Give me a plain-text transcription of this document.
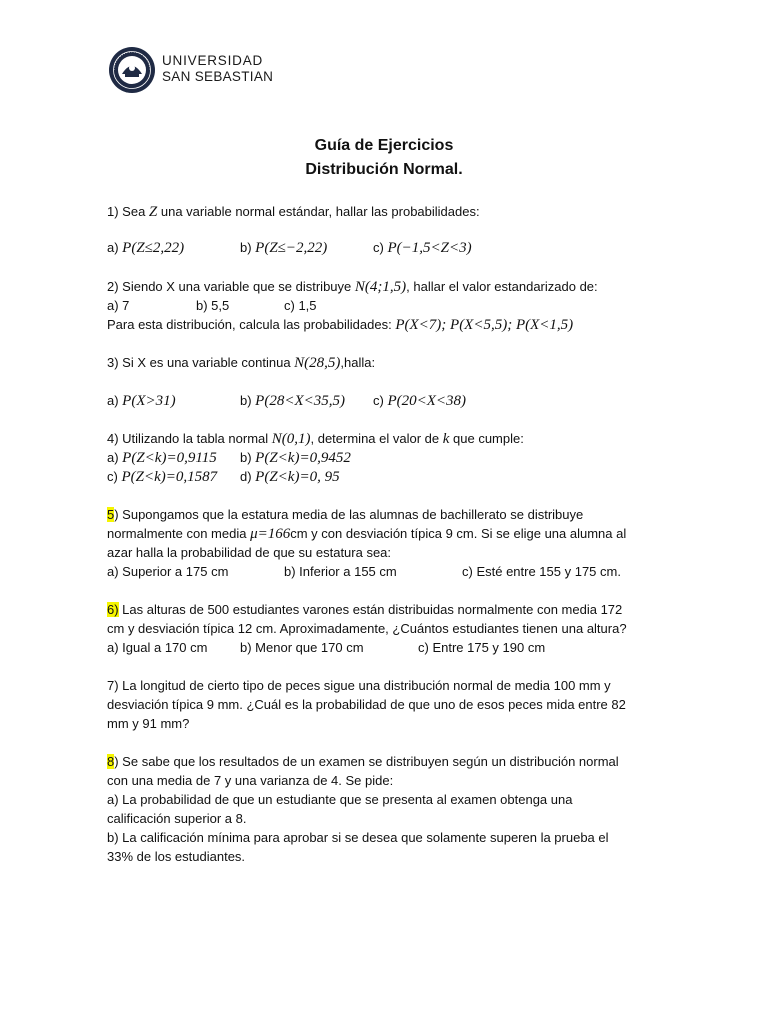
UNIVERSIDAD
SAN SEBASTIAN
Guía de Ejercicios
Distribución Normal.
1) Sea Z una variable normal estándar, hallar las probabilidades:
a) P(Z≤2,22)	b) P(Z≤−2,22)	c) P(−1,5<Z<3)
2) Siendo X una variable que se distribuye N(4;1,5), hallar el valor estandarizado de:
a) 7	b) 5,5	c) 1,5
Para esta distribución, calcula las probabilidades: P(X<7); P(X<5,5); P(X<1,5)
3) Si X es una variable continua N(28,5),halla:
a) P(X>31)	b) P(28<X<35,5) c) P(20<X<38)
4) Utilizando la tabla normal N(0,1), determina el valor de k que cumple:
a) P(Z<k)=0,9115 b) P(Z<k)=0,9452
c) P(Z<k)=0,1587 d) P(Z<k)=0, 95
5) Supongamos que la estatura media de las alumnas de bachillerato se distribuye
normalmente con media μ=166cm y con desviación típica 9 cm. Si se elige una alumna al
azar halla la probabilidad de que su estatura sea:
a) Superior a 175 cm	b) Inferior a 155 cm	c) Esté entre 155 y 175 cm.
6) Las alturas de 500 estudiantes varones están distribuidas normalmente con media 172
cm y desviación típica 12 cm. Aproximadamente, ¿Cuántos estudiantes tienen una altura?
a) Igual a 170 cm	b) Menor que 170 cm	c) Entre 175 y 190 cm
7) La longitud de cierto tipo de peces sigue una distribución normal de media 100 mm y
desviación típica 9 mm. ¿Cuál es la probabilidad de que uno de esos peces mida entre 82
mm y 91 mm?
8) Se sabe que los resultados de un examen se distribuyen según un distribución normal
con una media de 7 y una varianza de 4. Se pide:
a) La probabilidad de que un estudiante que se presenta al examen obtenga una
calificación superior a 8.
b) La calificación mínima para aprobar si se desea que solamente superen la prueba el
33% de los estudiantes.
